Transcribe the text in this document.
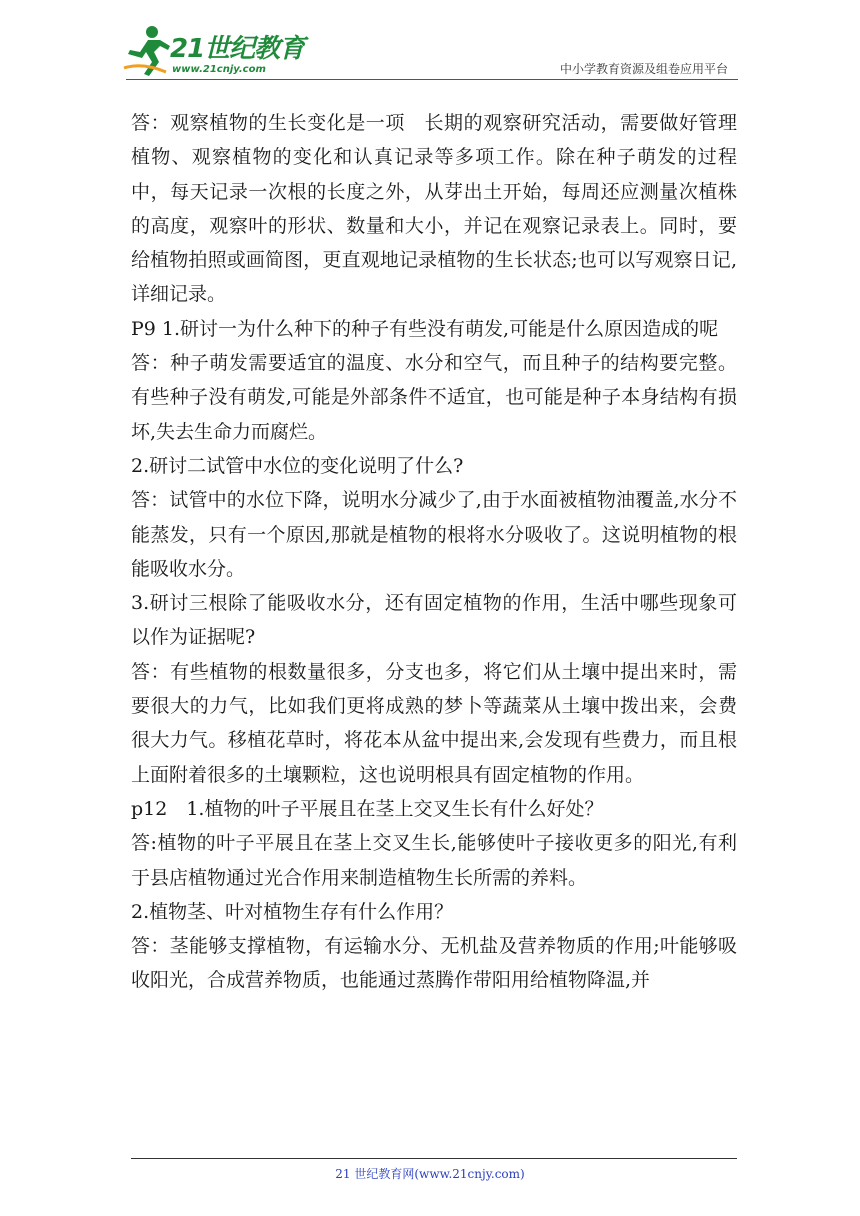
21世纪教育
www.21cnjy.com	中小学教育资源及组卷应用平台

答：观察植物的生长变化是一项　长期的观察研究活动，需要做好管理植物、观察植物的变化和认真记录等多项工作。除在种子萌发的过程中，每天记录一次根的长度之外，从芽出土开始，每周还应测量次植株的高度，观察叶的形状、数量和大小，并记在观察记录表上。同时，要给植物拍照或画简图，更直观地记录植物的生长状态;也可以写观察日记,详细记录。

P9 1.研讨一为什么种下的种子有些没有萌发,可能是什么原因造成的呢

答：种子萌发需要适宜的温度、水分和空气，而且种子的结构要完整。有些种子没有萌发,可能是外部条件不适宜，也可能是种子本身结构有损坏,失去生命力而腐烂。

2.研讨二试管中水位的变化说明了什么?

答：试管中的水位下降，说明水分减少了,由于水面被植物油覆盖,水分不能蒸发，只有一个原因,那就是植物的根将水分吸收了。这说明植物的根能吸收水分。

3.研讨三根除了能吸收水分，还有固定植物的作用，生活中哪些现象可以作为证据呢?

答：有些植物的根数量很多，分支也多，将它们从土壤中提出来时，需要很大的力气，比如我们更将成熟的梦卜等蔬菜从土壤中拨出来，会费很大力气。移植花草时，将花本从盆中提出来,会发现有些费力，而且根上面附着很多的土壤颗粒，这也说明根具有固定植物的作用。

p12　1.植物的叶子平展且在茎上交叉生长有什么好处？

答:植物的叶子平展且在茎上交叉生长,能够使叶子接收更多的阳光,有利于县店植物通过光合作用来制造植物生长所需的养料。

2.植物茎、叶对植物生存有什么作用？

答：茎能够支撑植物，有运输水分、无机盐及营养物质的作用;叶能够吸收阳光，合成营养物质，也能通过蒸腾作带阳用给植物降温,并

21 世纪教育网(www.21cnjy.com)
